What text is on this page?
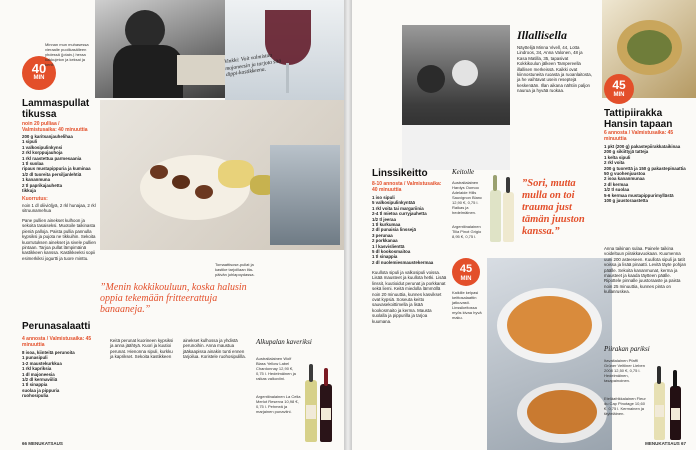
40
MIN
Minnan mun muhasessa vieraalle puolikasälleen yhdessä (jotain.) heraa kakkujeton ja keksai ja kenit.
Lammaspullat tikussa
noin 20 pulliaa / Valmistusaika: 40 minuuttia
200 g karitsanjauhelihaa
1 sipuli
1 valkosipulinkynsi
2 rkl korppujauhoja
1 rkl raastettua parmesaania
1 tl suolaa
ripaus mustapippuria ja kuminaa
1/2 dl tuoreita persiljanlehtiä
1 kananmuna
2 tl paprikajauhetta
tikkuja
Kuorrutus:
noin 1 dl oliiviöljyä, 2 rkl hunajaa, 2 rkl sitruunamehua
Pane pullien ainekset kulhoon ja sekoita tasaiseksi. Muotoile taikinasta pieniä palloja. Paista pullia pannulla kypsiksi ja pujota ne tikkuihin. Sekoita kuorrutuksen ainekset ja sivele pullien pintaan. Tarjoa pullat lämpimäinä kastikkeen kanssa. Kastikkeeksi sopii esimerkiksi jogurtti ja tuore minttu.
Vinkki: Voit valmistaa majoneesin ja tarjota sitä dippi-kastikkeena.
Tomaattisose-pullat ja kastike tarjoillaan ilta-päivän juhlapoydassa.
”Menin kokkikouluun, koska halusin oppia tekemään fritteerattuja banaaneja.”
Perunasalaatti
4 annosta / Valmistusaika: 45 minuuttia
8 isoa, kiinteitä perunoita
1 punasipuli
1-2 maustekurkkua
1 rkl kapriksia
1 dl majoneesia
1/2 dl kermaviiliä
1 tl sinappia
suolaa ja pippuria
ruohosipulia
Keitä perunat kuorineen kypsiksi ja anna jäähtyä. Kuori ja kuutioi perunat. Hienonna sipuli, kurkku ja kaprikset. Sekoita kastikkeen ainekset kulhossa ja yhdistä perunoihin. Anna maustua jääkaapissa ainakin tunti ennen tarjoilua. Koristele ruohosipulilla.
Alkupalan kaveriksi
Australialainen Wolf Blass Yellow Label Chardonnay 12,90 €, 0,75 l. Hedelmäinen ja raikas valkoviini.
Argentiinalainen La Celia Merlot Reserva 10,98 €, 0,75 l. Pehmeä ja marjainen punaviini.
66 MENUKATSAUS
Illallisella
Näyttelijä Minna Vivell, 44, Lotta Lindroos, 34, Anna Valonen, 48 ja Kasa Matilla, 35, tapasivat Kokkikoulun jälkeen Tampereella illallisen merkeissä. Kaikki ovat kiinnostuneita ruoasta ja ruoanlaitosta, ja he vaihtavat usein reseptejä keskenään. Illan aikana nähtiin paljon naurua ja hyvää ruokaa.
Linssikeitto
8-10 annosta / Valmistusaika: 40 minuuttia
1 iso sipuli
5 valkosipulinkyntää
1 rkl voita tai margariinia
2-4 tl mietoa curryjauhetta
1/2 tl jeeraa
1 tl kurkumaa
2 dl punaisia linssejä
3 perunaa
2 porkkanaa
1 l kasvislienttä
5 dl kookosmaitoa
1 tl sinappia
2 dl nuolemiesmaustekermaa
Kuullota sipuli ja valkosipuli voissa. Lisää mausteet ja kuullota hetki. Lisää linssit, kuutioidut perunat ja porkkanat sekä liemi. Keitä miedolla lämmöllä noin 20 minuuttia, kunnes kasvikset ovat kypsiä. Soseuta keitto sauvasekoittimella ja lisää kookosmaito ja kerma. Mausta suolalla ja pippurilla ja tarjoa kuumana.
Keitolle
Australialainen Hardys Oomoo Adelaide Hills Sauvignon Blanc 12,90 €, 0,75 l. Raikas ja hedelmäinen.
Argentiinalainen Tilia Pinot Grigio 8,95 €, 0,75 l.
”Sori, mutta mulla on toi trauma just tämän juuston kanssa.”
45
MIN
Kaikille kelpasi keittosalaattin jatkuvasti. Linssikeitossa myös kivaa hyvä maku.
​
45
MIN
Tattipiirakka Hansin tapaan
6 annosta / Valmistusaika: 45 minuuttia
1 pkt (200 g) pakastepiirakkataikinaa
200 g sikiittyjä tatteja
1 kelta sipuli
2 rkl voita
200 g tuorettä ja 150 g pakastepinaattia
50 g vuohenjuustoa
2 isoa kananmunaa
2 dl kermaa
1/2 tl suolaa
5-6 kermaa mustapippurimyllästä
100 g juustoraastetta
Anna taikinan sulaa. Painele taikina voideltuun piirakkavuokaan. Kuumenna uuni 200 asteeseen. Kuullota sipuli ja tatit voissa ja lisää pinaatti. Levitä täyte pohjan päälle. Sekoita kananmunat, kerma ja mausteet ja kaada täytteen päälle. Ripottele pinnalle juustoraaste ja paista noin 25 minuuttia, kunnes pinta on kullanruskea.
Piirakan pariksi
Itavaltalainen Pfaffl Grüner Veltliner Lieben 2008 12,50 €, 0,75 l. Hedelmäinen, tasapainoinen.
Eteläafrikkalainen Fleur du Cap Pinotage 10,60 €, 0,75 l. Kermainen ja täyteläinen.
MENUKATSAUS 67
